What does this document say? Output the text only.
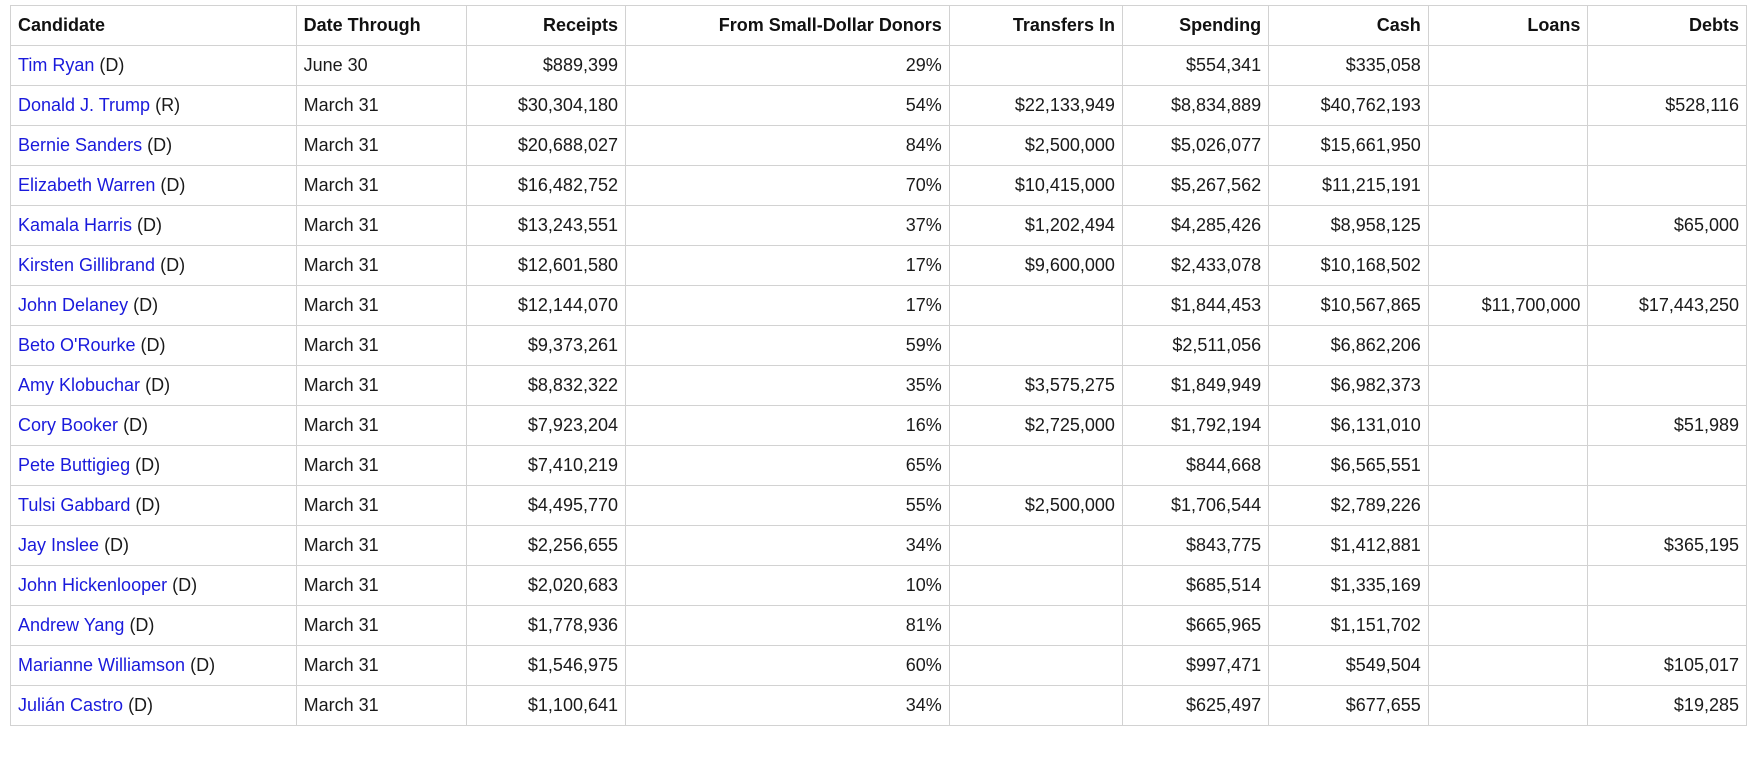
Candidate	Date Through	Receipts	From Small-Dollar Donors	Transfers In	Spending	Cash	Loans	Debts
Tim Ryan (D)	June 30	$889,399	29%		$554,341	$335,058		
Donald J. Trump (R)	March 31	$30,304,180	54%	$22,133,949	$8,834,889	$40,762,193		$528,116
Bernie Sanders (D)	March 31	$20,688,027	84%	$2,500,000	$5,026,077	$15,661,950		
Elizabeth Warren (D)	March 31	$16,482,752	70%	$10,415,000	$5,267,562	$11,215,191		
Kamala Harris (D)	March 31	$13,243,551	37%	$1,202,494	$4,285,426	$8,958,125		$65,000
Kirsten Gillibrand (D)	March 31	$12,601,580	17%	$9,600,000	$2,433,078	$10,168,502		
John Delaney (D)	March 31	$12,144,070	17%		$1,844,453	$10,567,865	$11,700,000	$17,443,250
Beto O'Rourke (D)	March 31	$9,373,261	59%		$2,511,056	$6,862,206		
Amy Klobuchar (D)	March 31	$8,832,322	35%	$3,575,275	$1,849,949	$6,982,373		
Cory Booker (D)	March 31	$7,923,204	16%	$2,725,000	$1,792,194	$6,131,010		$51,989
Pete Buttigieg (D)	March 31	$7,410,219	65%		$844,668	$6,565,551		
Tulsi Gabbard (D)	March 31	$4,495,770	55%	$2,500,000	$1,706,544	$2,789,226		
Jay Inslee (D)	March 31	$2,256,655	34%		$843,775	$1,412,881		$365,195
John Hickenlooper (D)	March 31	$2,020,683	10%		$685,514	$1,335,169		
Andrew Yang (D)	March 31	$1,778,936	81%		$665,965	$1,151,702		
Marianne Williamson (D)	March 31	$1,546,975	60%		$997,471	$549,504		$105,017
Julián Castro (D)	March 31	$1,100,641	34%		$625,497	$677,655		$19,285
